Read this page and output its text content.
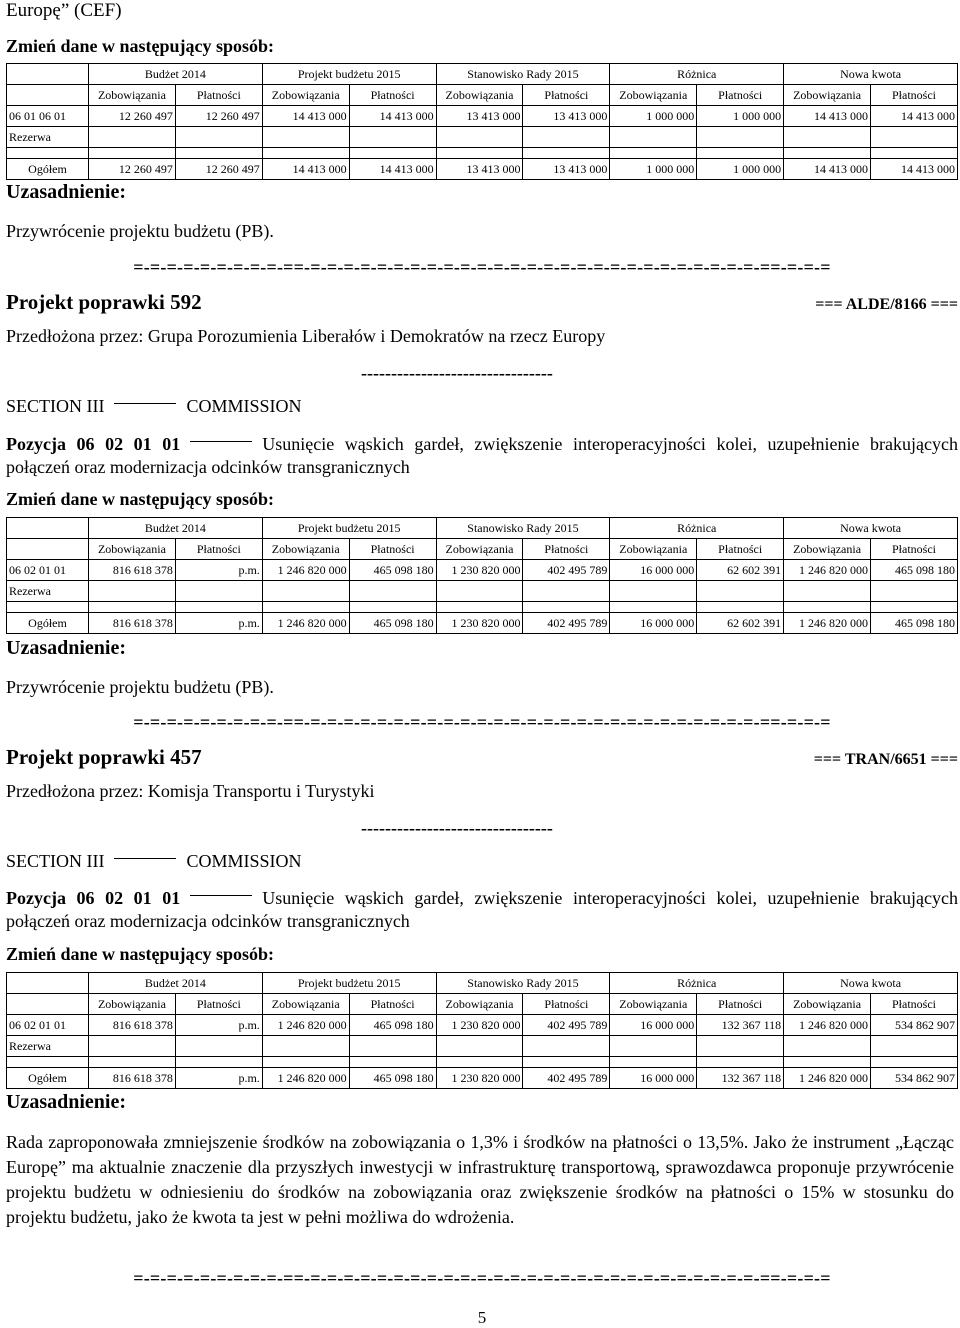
Europę” (CEF)
Zmień dane w następujący sposób:
	Budżet 2014		Projekt budżetu 2015		Stanowisko Rady 2015		Różnica		Nowa kwota	
	Zobowiązania	Płatności	Zobowiązania	Płatności	Zobowiązania	Płatności	Zobowiązania	Płatności	Zobowiązania	Płatności
06 01 06 01	12 260 497	12 260 497	14 413 000	14 413 000	13 413 000	13 413 000	1 000 000	1 000 000	14 413 000	14 413 000
Rezerwa										

Ogółem	12 260 497	12 260 497	14 413 000	14 413 000	13 413 000	13 413 000	1 000 000	1 000 000	14 413 000	14 413 000
Uzasadnienie:
Przywrócenie projektu budżetu (PB).
=-=-=-=-=-=-=-=-=-==-=-=-=-=-=-=-=-=-=-=-=-=-=-=-=-=-=-=-=-=-=-=-=-=-=-=-=-==-=-=-=
Projekt poprawki 592	=== ALDE/8166 ===
Przedłożona przez: Grupa Porozumienia Liberałów i Demokratów na rzecz Europy
--------------------------------
SECTION III	COMMISSION
Pozycja 06 02 01 01	Usunięcie wąskich gardeł, zwiększenie interoperacyjności kolei, uzupełnienie brakujących połączeń oraz modernizacja odcinków transgranicznych
Zmień dane w następujący sposób:
	Budżet 2014		Projekt budżetu 2015		Stanowisko Rady 2015		Różnica		Nowa kwota	
	Zobowiązania	Płatności	Zobowiązania	Płatności	Zobowiązania	Płatności	Zobowiązania	Płatności	Zobowiązania	Płatności
06 02 01 01	816 618 378	p.m.	1 246 820 000	465 098 180	1 230 820 000	402 495 789	16 000 000	62 602 391	1 246 820 000	465 098 180
Rezerwa										

Ogółem	816 618 378	p.m.	1 246 820 000	465 098 180	1 230 820 000	402 495 789	16 000 000	62 602 391	1 246 820 000	465 098 180
Uzasadnienie:
Przywrócenie projektu budżetu (PB).
=-=-=-=-=-=-=-=-=-==-=-=-=-=-=-=-=-=-=-=-=-=-=-=-=-=-=-=-=-=-=-=-=-=-=-=-=-==-=-=-=
Projekt poprawki 457	=== TRAN/6651 ===
Przedłożona przez: Komisja Transportu i Turystyki
--------------------------------
SECTION III	COMMISSION
Pozycja 06 02 01 01	Usunięcie wąskich gardeł, zwiększenie interoperacyjności kolei, uzupełnienie brakujących połączeń oraz modernizacja odcinków transgranicznych
Zmień dane w następujący sposób:
	Budżet 2014		Projekt budżetu 2015		Stanowisko Rady 2015		Różnica		Nowa kwota	
	Zobowiązania	Płatności	Zobowiązania	Płatności	Zobowiązania	Płatności	Zobowiązania	Płatności	Zobowiązania	Płatności
06 02 01 01	816 618 378	p.m.	1 246 820 000	465 098 180	1 230 820 000	402 495 789	16 000 000	132 367 118	1 246 820 000	534 862 907
Rezerwa										

Ogółem	816 618 378	p.m.	1 246 820 000	465 098 180	1 230 820 000	402 495 789	16 000 000	132 367 118	1 246 820 000	534 862 907
Uzasadnienie:
Rada zaproponowała zmniejszenie środków na zobowiązania o 1,3% i środków na płatności o 13,5%. Jako że instrument „Łącząc Europę” ma aktualnie znaczenie dla przyszłych inwestycji w infrastrukturę transportową, sprawozdawca proponuje przywrócenie projektu budżetu w odniesieniu do środków na zobowiązania oraz zwiększenie środków na płatności o 15% w stosunku do projektu budżetu, jako że kwota ta jest w pełni możliwa do wdrożenia.
=-=-=-=-=-=-=-=-=-==-=-=-=-=-=-=-=-=-=-=-=-=-=-=-=-=-=-=-=-=-=-=-=-=-=-=-=-==-=-=-=
5
